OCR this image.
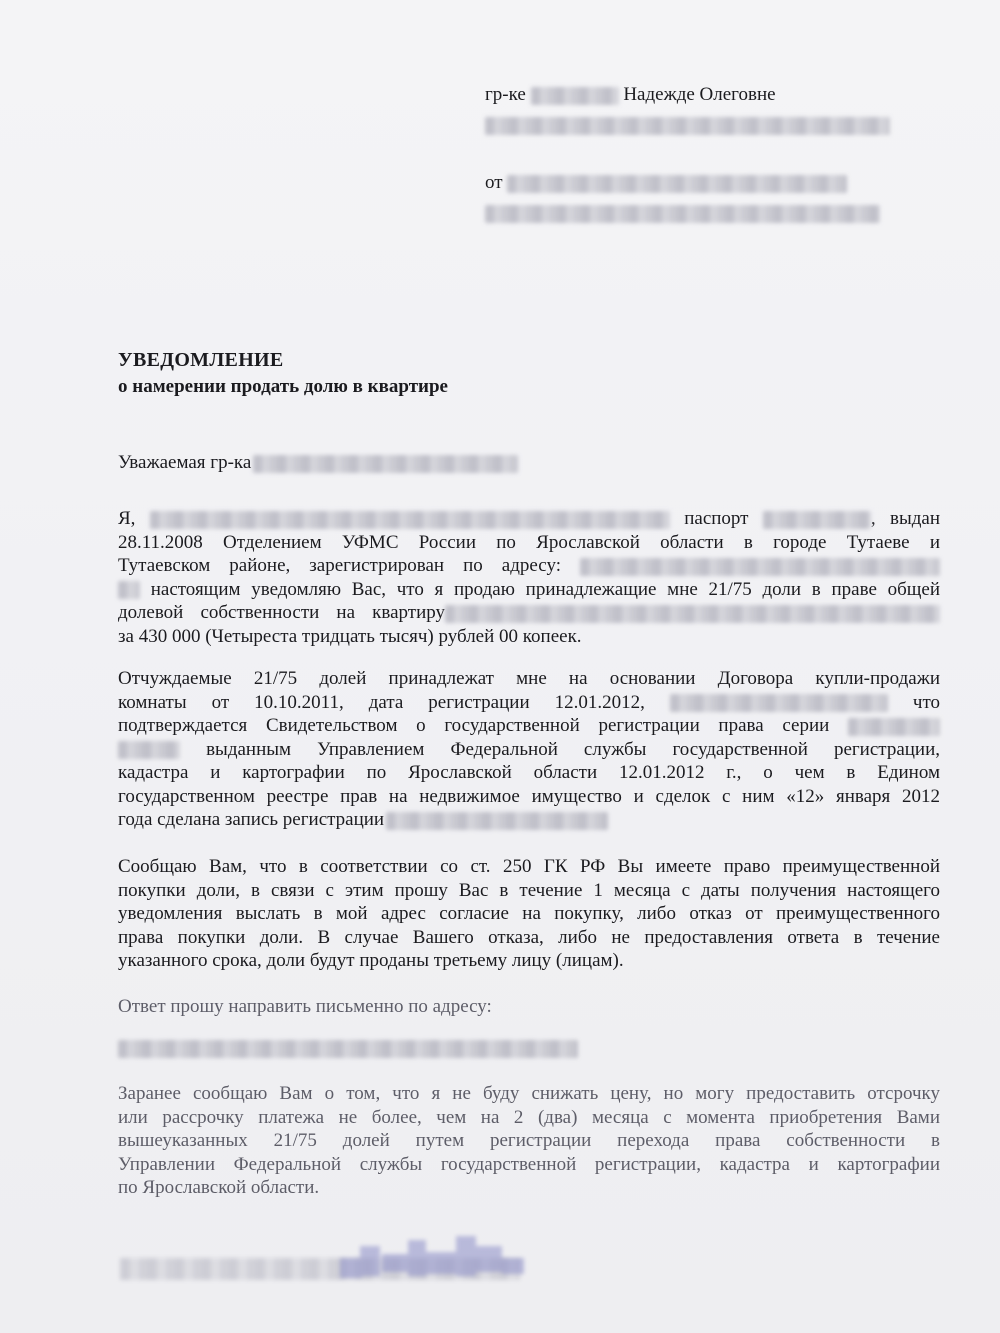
гр-ке	Надежде Олеговне
от
УВЕДОМЛЕНИЕ
о намерении продать долю в квартире
Уважаемая гр-ка
Я,	паспорт	, выдан
28.11.2008 Отделением УФМС России по Ярославской области в городе Тутаеве и
Тутаевском районе, зарегистрирован по адресу:
настоящим уведомляю Вас, что я продаю принадлежащие мне 21/75 доли в праве общей
долевой собственности на квартиру
за 430 000 (Четыреста тридцать тысяч) рублей 00 копеек.
Отчуждаемые 21/75 долей принадлежат мне на основании Договора купли-продажи
комнаты от 10.10.2011, дата регистрации 12.01.2012,	что
подтверждается Свидетельством о государственной регистрации права серии
выданным Управлением Федеральной службы государственной регистрации,
кадастра и картографии по Ярославской области 12.01.2012 г., о чем в Едином
государственном реестре прав на недвижимое имущество и сделок с ним «12» января 2012
года сделана запись регистрации
Сообщаю Вам, что в соответствии со ст. 250 ГК РФ Вы имеете право преимущественной
покупки доли, в связи с этим прошу Вас в течение 1 месяца с даты получения настоящего
уведомления выслать в мой адрес согласие на покупку, либо отказ от преимущественного
права покупки доли. В случае Вашего отказа, либо не предоставления ответа в течение
указанного срока, доли будут проданы третьему лицу (лицам).
Ответ прошу направить письменно по адресу:
Заранее сообщаю Вам о том, что я не буду снижать цену, но могу предоставить отсрочку
или рассрочку платежа не более, чем на 2 (два) месяца с момента приобретения Вами
вышеуказанных 21/75 долей путем регистрации перехода права собственности в
Управлении Федеральной службы государственной регистрации, кадастра и картографии
по Ярославской области.
